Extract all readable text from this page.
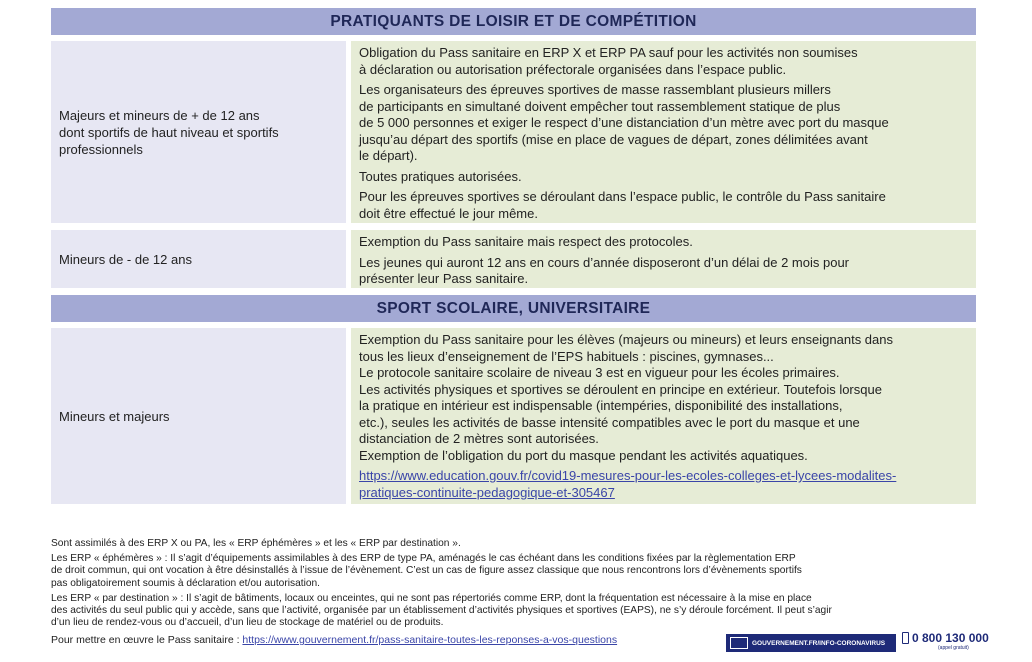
PRATIQUANTS DE LOISIR ET DE COMPÉTITION
Majeurs et mineurs de + de 12 ans
dont sportifs de haut niveau et sportifs
professionnels

Obligation du Pass sanitaire en ERP X et ERP PA sauf pour les activités non soumises
à déclaration ou autorisation préfectorale organisées dans l’espace public.

Les organisateurs des épreuves sportives de masse rassemblant plusieurs millers
de participants en simultané doivent empêcher tout rassemblement statique de plus
de 5 000 personnes et exiger le respect d’une distanciation d’un mètre avec port du masque
jusqu’au départ des sportifs (mise en place de vagues de départ, zones délimitées avant
le départ).

Toutes pratiques autorisées.

Pour les épreuves sportives se déroulant dans l’espace public, le contrôle du Pass sanitaire
doit être effectué le jour même.

Mineurs de - de 12 ans

Exemption du Pass sanitaire mais respect des protocoles.

Les jeunes qui auront 12 ans en cours d’année disposeront d’un délai de 2 mois pour
présenter leur Pass sanitaire.

SPORT SCOLAIRE, UNIVERSITAIRE
Mineurs et majeurs

Exemption du Pass sanitaire pour les élèves (majeurs ou mineurs) et leurs enseignants dans
tous les lieux d’enseignement de l’EPS habituels : piscines, gymnases...

Le protocole sanitaire scolaire de niveau 3 est en vigueur pour les écoles primaires.

Les activités physiques et sportives se déroulent en principe en extérieur. Toutefois lorsque
la pratique en intérieur est indispensable (intempéries, disponibilité des installations,
etc.), seules les activités de basse intensité compatibles avec le port du masque et une
distanciation de 2 mètres sont autorisées.

Exemption de l’obligation du port du masque pendant les activités aquatiques.

https://www.education.gouv.fr/covid19-mesures-pour-les-ecoles-colleges-et-lycees-modalites-
pratiques-continuite-pedagogique-et-305467

Sont assimilés à des ERP X ou PA, les « ERP éphémères » et les « ERP par destination ».

Les ERP « éphémères » : Il s’agit d’équipements assimilables à des ERP de type PA, aménagés le cas échéant dans les conditions fixées par la règlementation ERP
de droit commun, qui ont vocation à être désinstallés à l’issue de l’évènement. C’est un cas de figure assez classique que nous rencontrons lors d’évènements sportifs
pas obligatoirement soumis à déclaration et/ou autorisation.

Les ERP « par destination » : Il s’agit de bâtiments, locaux ou enceintes, qui ne sont pas répertoriés comme ERP, dont la fréquentation est nécessaire à la mise en place
des activités du seul public qui y accède, sans que l’activité, organisée par un établissement d’activités physiques et sportives (EAPS), ne s’y déroule forcément. Il peut s’agir
d’un lieu de rendez-vous ou d’accueil, d’un lieu de stockage de matériel ou de produits.

Pour mettre en œuvre le Pass sanitaire : https://www.gouvernement.fr/pass-sanitaire-toutes-les-reponses-a-vos-questions	GOUVERNEMENT.FR/INFO-CORONAVIRUS	0 800 130 000
(appel gratuit)
